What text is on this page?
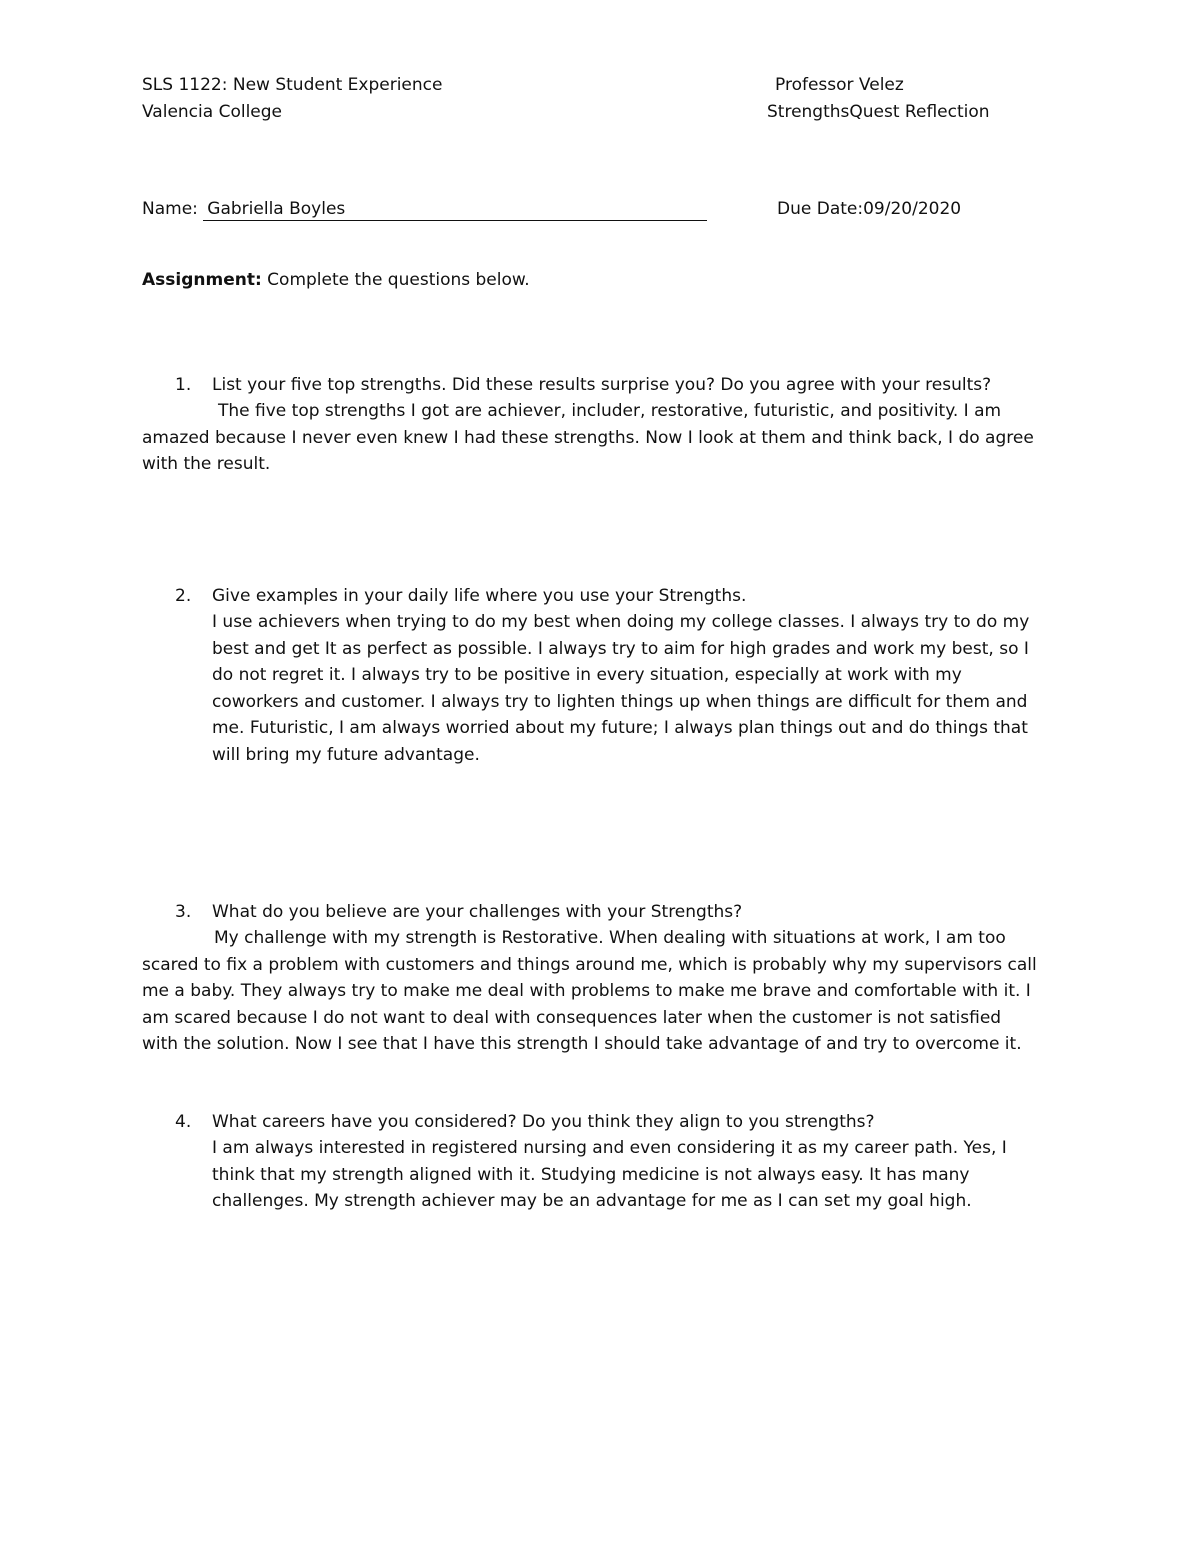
SLS 1122: New Student Experience	Professor Velez
Valencia College	StrengthsQuest Reflection
Name: Gabriella Boyles	Due Date:09/20/2020
Assignment: Complete the questions below.
1. List your five top strengths. Did these results surprise you? Do you agree with your results?
The five top strengths I got are achiever, includer, restorative, futuristic, and positivity. I am
amazed because I never even knew I had these strengths. Now I look at them and think back, I do agree
with the result.
2. Give examples in your daily life where you use your Strengths.
I use achievers when trying to do my best when doing my college classes. I always try to do my
best and get It as perfect as possible. I always try to aim for high grades and work my best, so I
do not regret it. I always try to be positive in every situation, especially at work with my
coworkers and customer. I always try to lighten things up when things are difficult for them and
me. Futuristic, I am always worried about my future; I always plan things out and do things that
will bring my future advantage.
3. What do you believe are your challenges with your Strengths?
My challenge with my strength is Restorative. When dealing with situations at work, I am too
scared to fix a problem with customers and things around me, which is probably why my supervisors call
me a baby. They always try to make me deal with problems to make me brave and comfortable with it. I
am scared because I do not want to deal with consequences later when the customer is not satisfied
with the solution. Now I see that I have this strength I should take advantage of and try to overcome it.
4. What careers have you considered? Do you think they align to you strengths?
I am always interested in registered nursing and even considering it as my career path. Yes, I
think that my strength aligned with it. Studying medicine is not always easy. It has many
challenges. My strength achiever may be an advantage for me as I can set my goal high.
